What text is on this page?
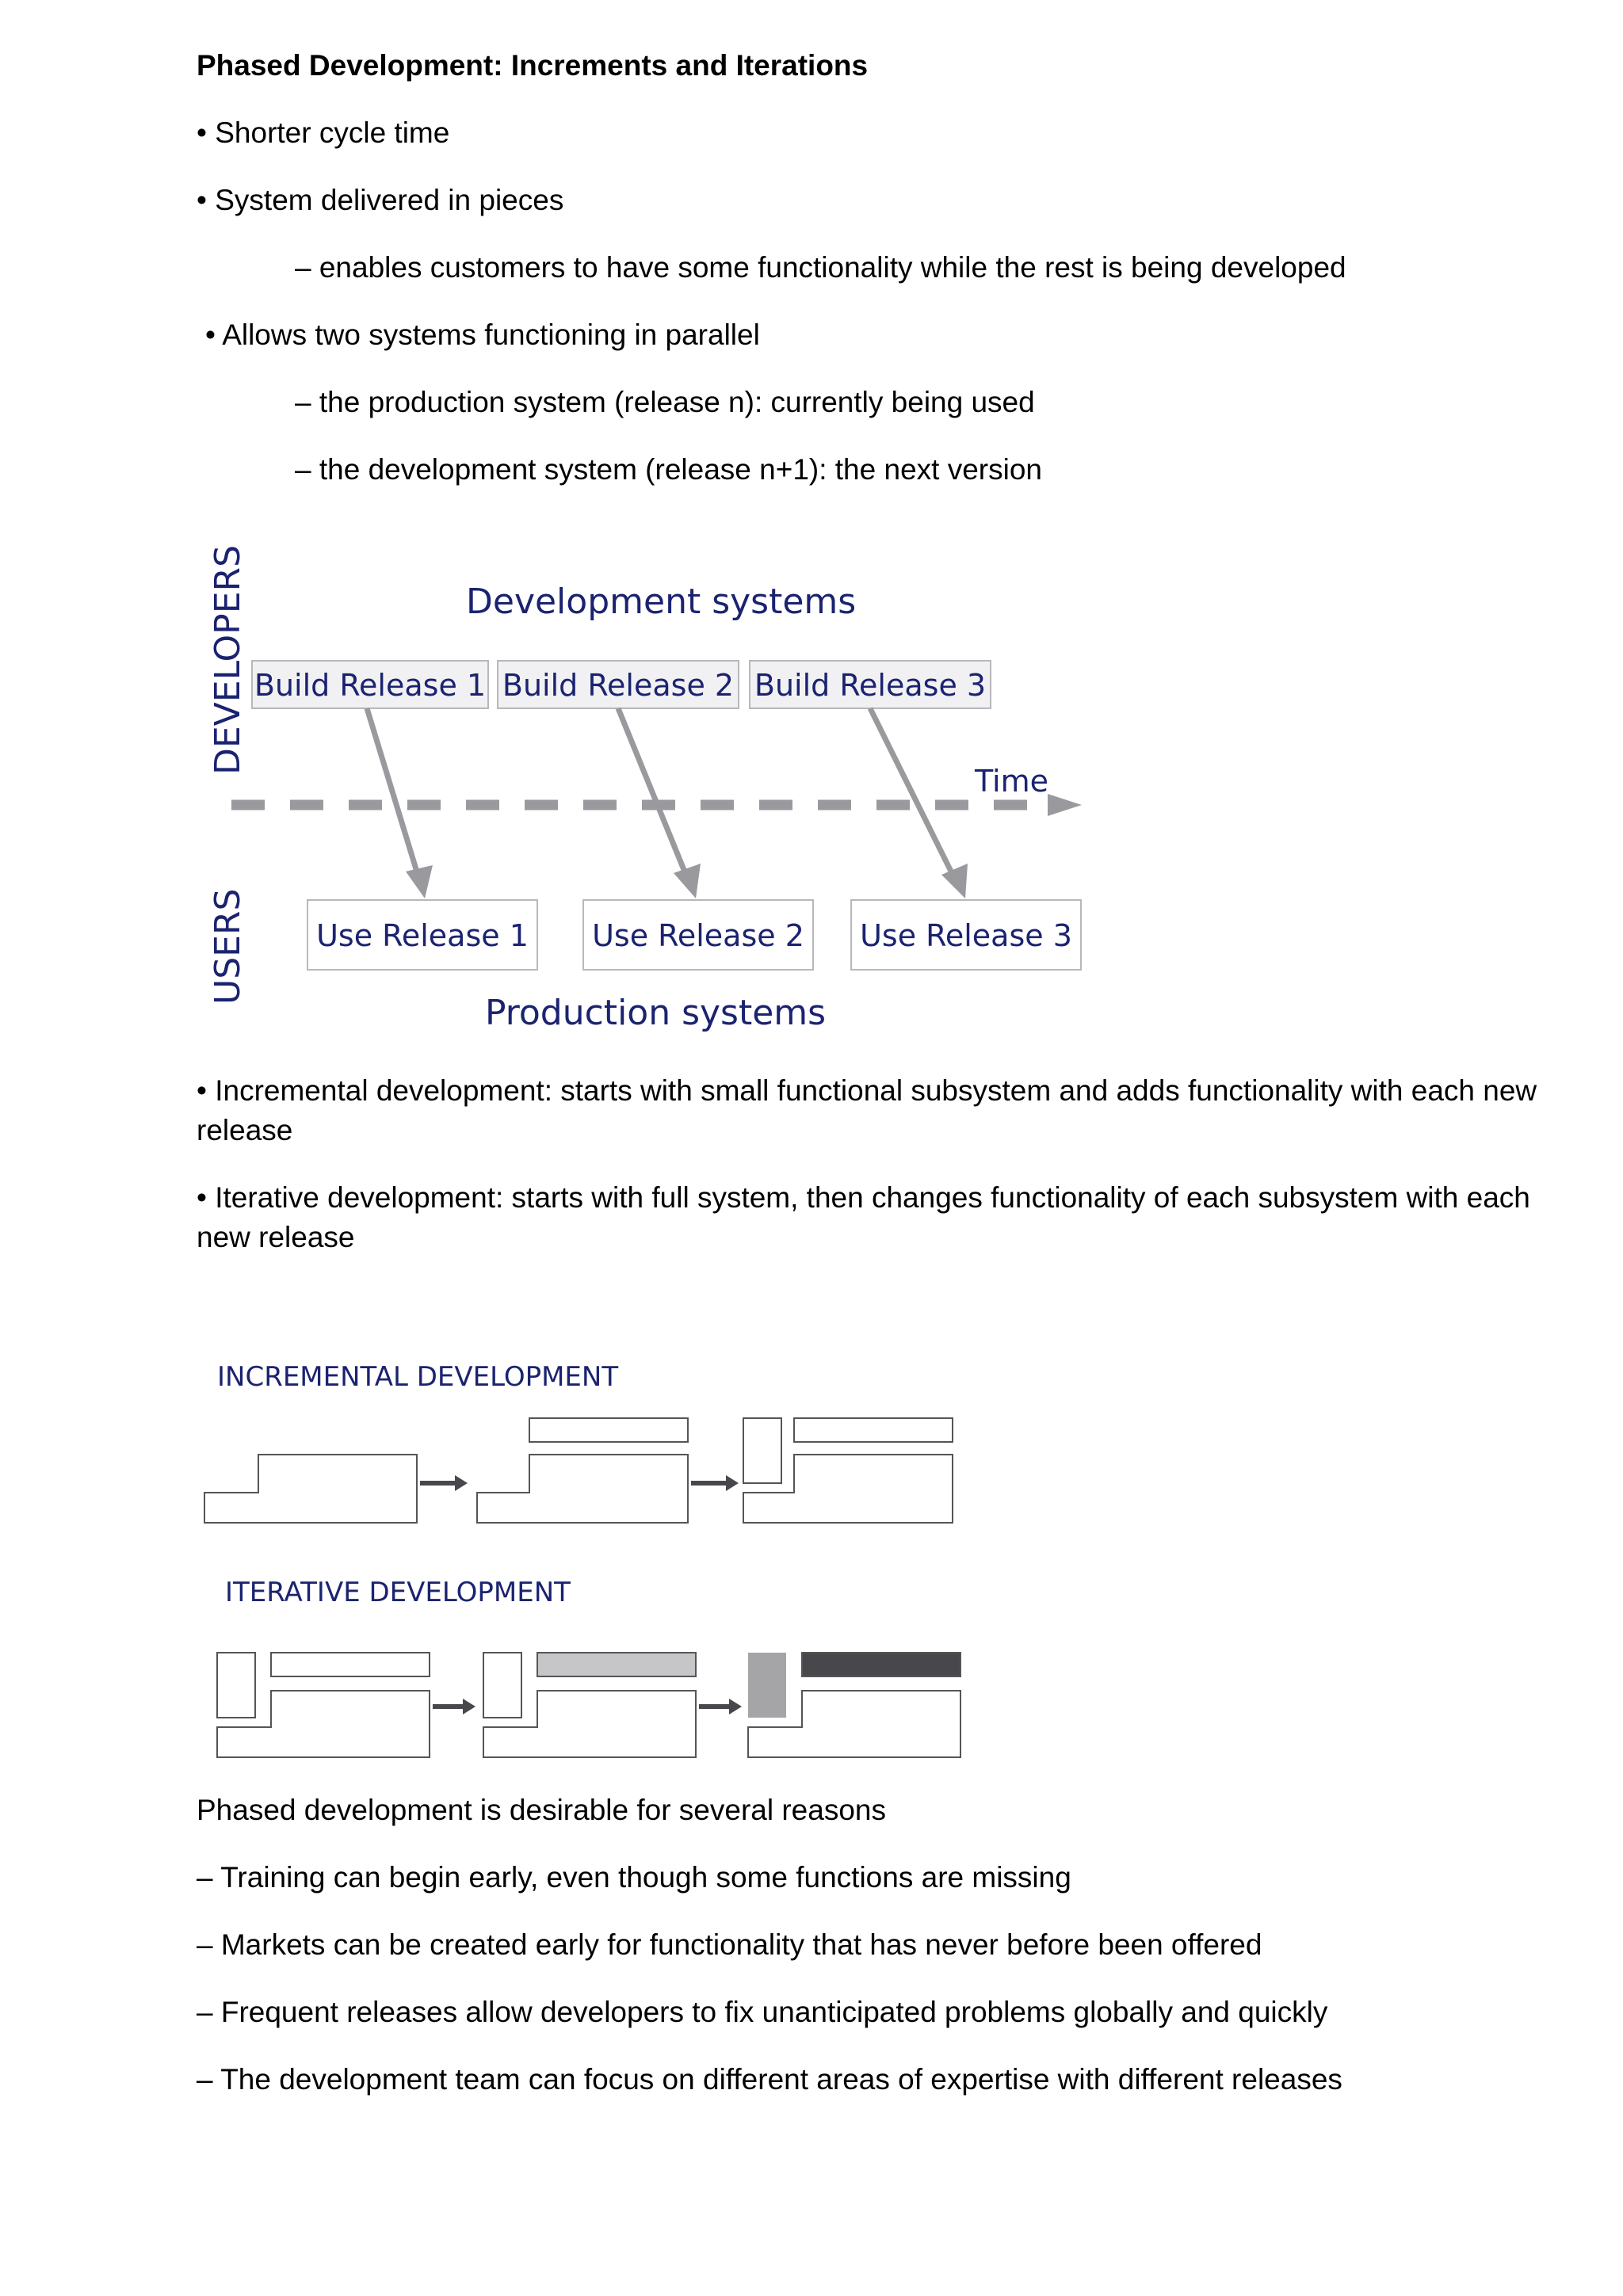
Phased Development: Increments and Iterations
• Shorter cycle time
• System delivered in pieces
– enables customers to have some functionality while the rest is being developed
• Allows two systems functioning in parallel
– the production system (release n): currently being used
– the development system (release n+1): the next version
DEVELOPERS
USERS
Development systems
Build Release 1 Build Release 2 Build Release 3
Time
Use Release 1 Use Release 2 Use Release 3
Production systems
• Incremental development: starts with small functional subsystem and adds functionality with each new release
• Iterative development: starts with full system, then changes functionality of each subsystem with each new release
INCREMENTAL DEVELOPMENT
ITERATIVE DEVELOPMENT
Phased development is desirable for several reasons
– Training can begin early, even though some functions are missing
– Markets can be created early for functionality that has never before been offered
– Frequent releases allow developers to fix unanticipated problems globally and quickly
– The development team can focus on different areas of expertise with different releases
